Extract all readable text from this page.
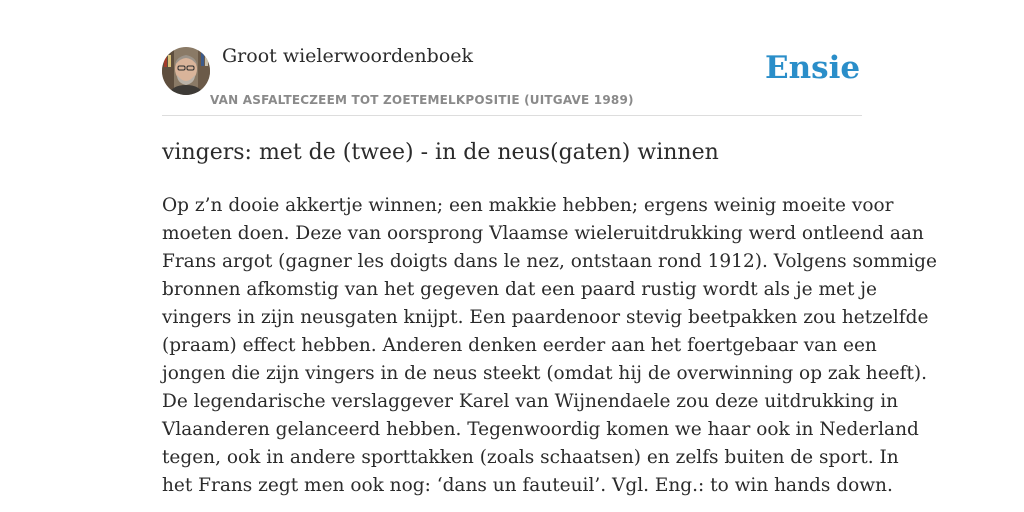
Groot wielerwoordenboek
VAN ASFALTECZEEM TOT ZOETEMELKPOSITIE (UITGAVE 1989)
Ensie
vingers: met de (twee) - in de neus(gaten) winnen
Op z’n dooie akkertje winnen; een makkie hebben; ergens weinig moeite voor
moeten doen. Deze van oorsprong Vlaamse wieleruitdrukking werd ontleend aan
Frans argot (gagner les doigts dans le nez, ontstaan rond 1912). Volgens sommige
bronnen afkomstig van het gegeven dat een paard rustig wordt als je met je
vingers in zijn neusgaten knijpt. Een paardenoor stevig beetpakken zou hetzelfde
(praam) effect hebben. Anderen denken eerder aan het foertgebaar van een
jongen die zijn vingers in de neus steekt (omdat hij de overwinning op zak heeft).
De legendarische verslaggever Karel van Wijnendaele zou deze uitdrukking in
Vlaanderen gelanceerd hebben. Tegenwoordig komen we haar ook in Nederland
tegen, ook in andere sporttakken (zoals schaatsen) en zelfs buiten de sport. In
het Frans zegt men ook nog: ‘dans un fauteuil’. Vgl. Eng.: to win hands down.
